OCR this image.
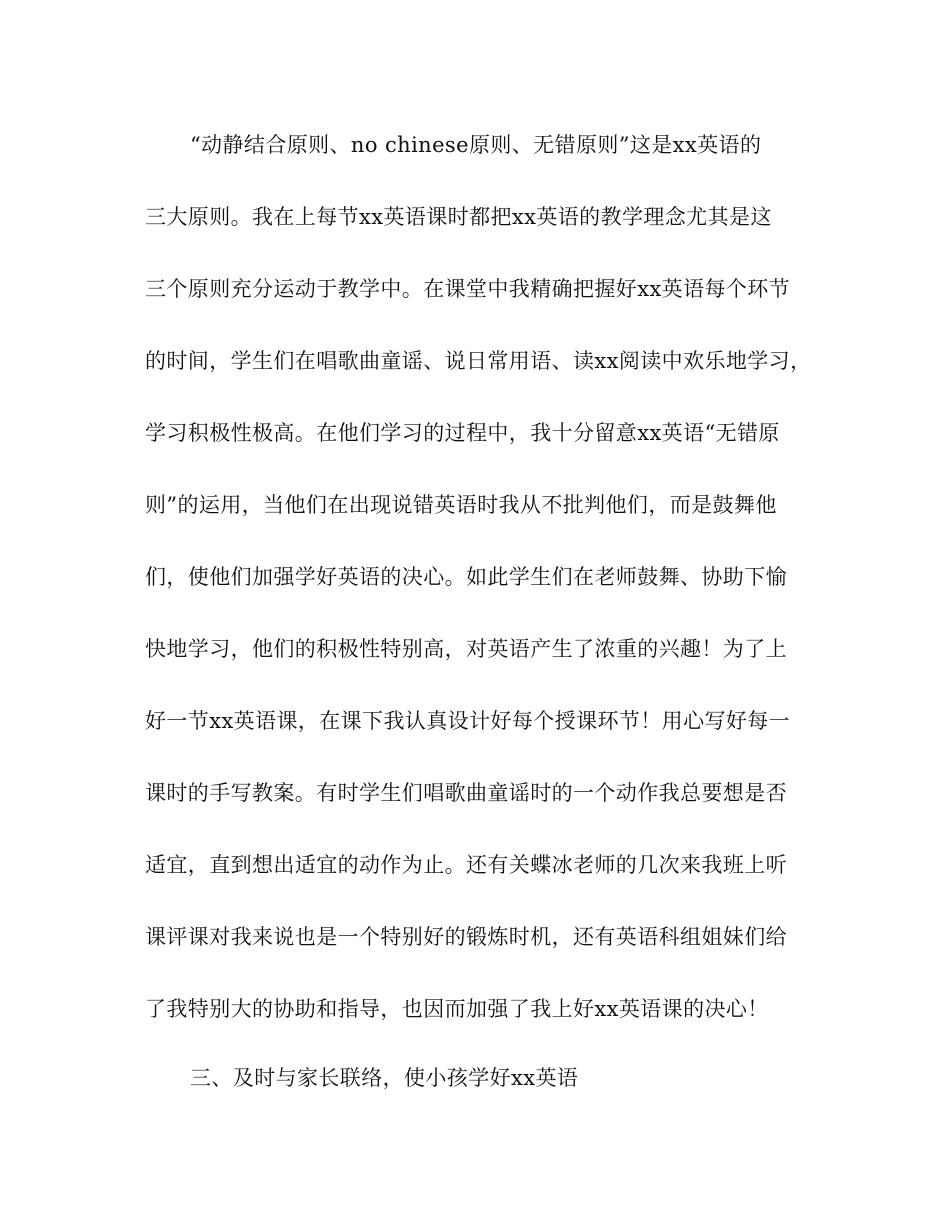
“动静结合原则、no chinese原则、无错原则”这是xx英语的
三大原则。我在上每节xx英语课时都把xx英语的教学理念尤其是这
三个原则充分运动于教学中。在课堂中我精确把握好xx英语每个环节
的时间，学生们在唱歌曲童谣、说日常用语、读xx阅读中欢乐地学习，
学习积极性极高。在他们学习的过程中，我十分留意xx英语“无错原
则”的运用，当他们在出现说错英语时我从不批判他们，而是鼓舞他
们，使他们加强学好英语的决心。如此学生们在老师鼓舞、协助下愉
快地学习，他们的积极性特别高，对英语产生了浓重的兴趣！为了上
好一节xx英语课，在课下我认真设计好每个授课环节！用心写好每一
课时的手写教案。有时学生们唱歌曲童谣时的一个动作我总要想是否
适宜，直到想出适宜的动作为止。还有关蝶冰老师的几次来我班上听
课评课对我来说也是一个特别好的锻炼时机，还有英语科组姐妹们给
了我特别大的协助和指导，也因而加强了我上好xx英语课的决心！
三、及时与家长联络，使小孩学好xx英语
